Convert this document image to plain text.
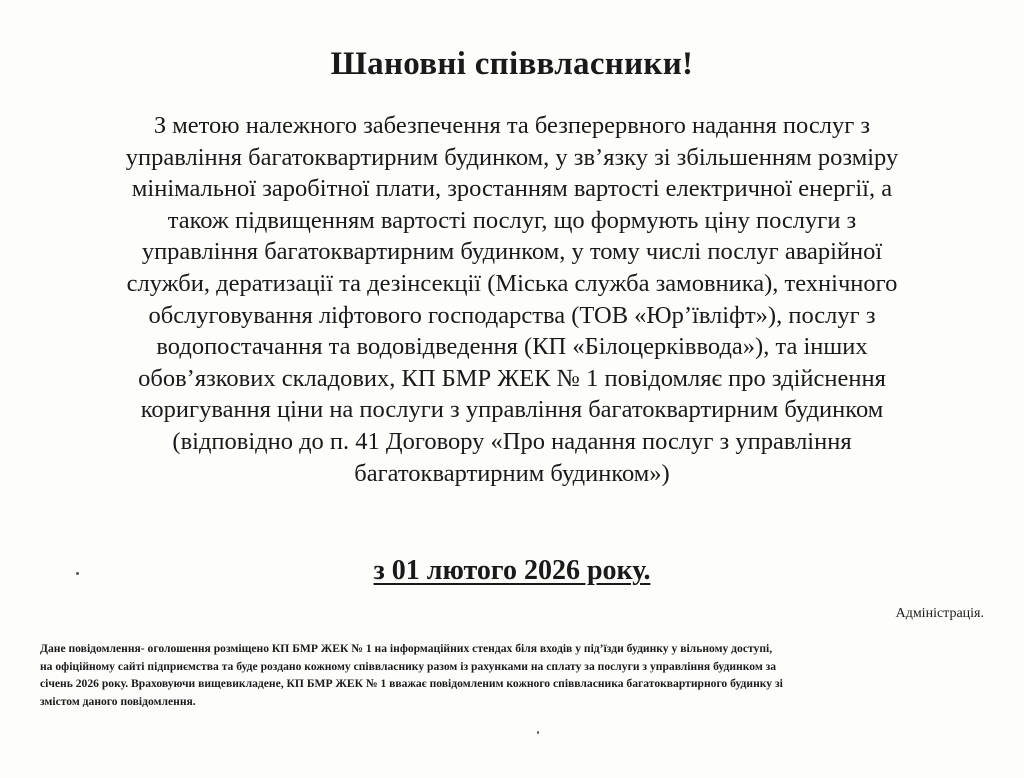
Шановні співвласники!
З метою належного забезпечення та безперервного надання послуг з
управління багатоквартирним будинком, у зв’язку зі збільшенням розміру
мінімальної заробітної плати, зростанням вартості електричної енергії, а
також підвищенням вартості послуг, що формують ціну послуги з
управління багатоквартирним будинком, у тому числі послуг аварійної
служби, дератизації та дезінсекції (Міська служба замовника), технічного
обслуговування ліфтового господарства (ТОВ «Юр’ївліфт»), послуг з
водопостачання та водовідведення (КП «Білоцерківвода»), та інших
обов’язкових складових, КП БМР ЖЕК № 1 повідомляє про здійснення
коригування ціни на послуги з управління багатоквартирним будинком
(відповідно до п. 41 Договору «Про надання послуг з управління
багатоквартирним будинком»)

з 01 лютого 2026 року.

Адміністрація.

Дане повідомлення- оголошення розміщено КП БМР ЖЕК № 1 на інформаційних стендах біля входів у під’їзди будинку у вільному доступі,
на офіційному сайті підприємства та буде роздано кожному співвласнику разом із рахунками на сплату за послуги з управління будинком за
січень 2026 року. Враховуючи вищевикладене, КП БМР ЖЕК № 1 вважає повідомленим кожного співвласника багатоквартирного будинку зі
змістом даного повідомлення.
